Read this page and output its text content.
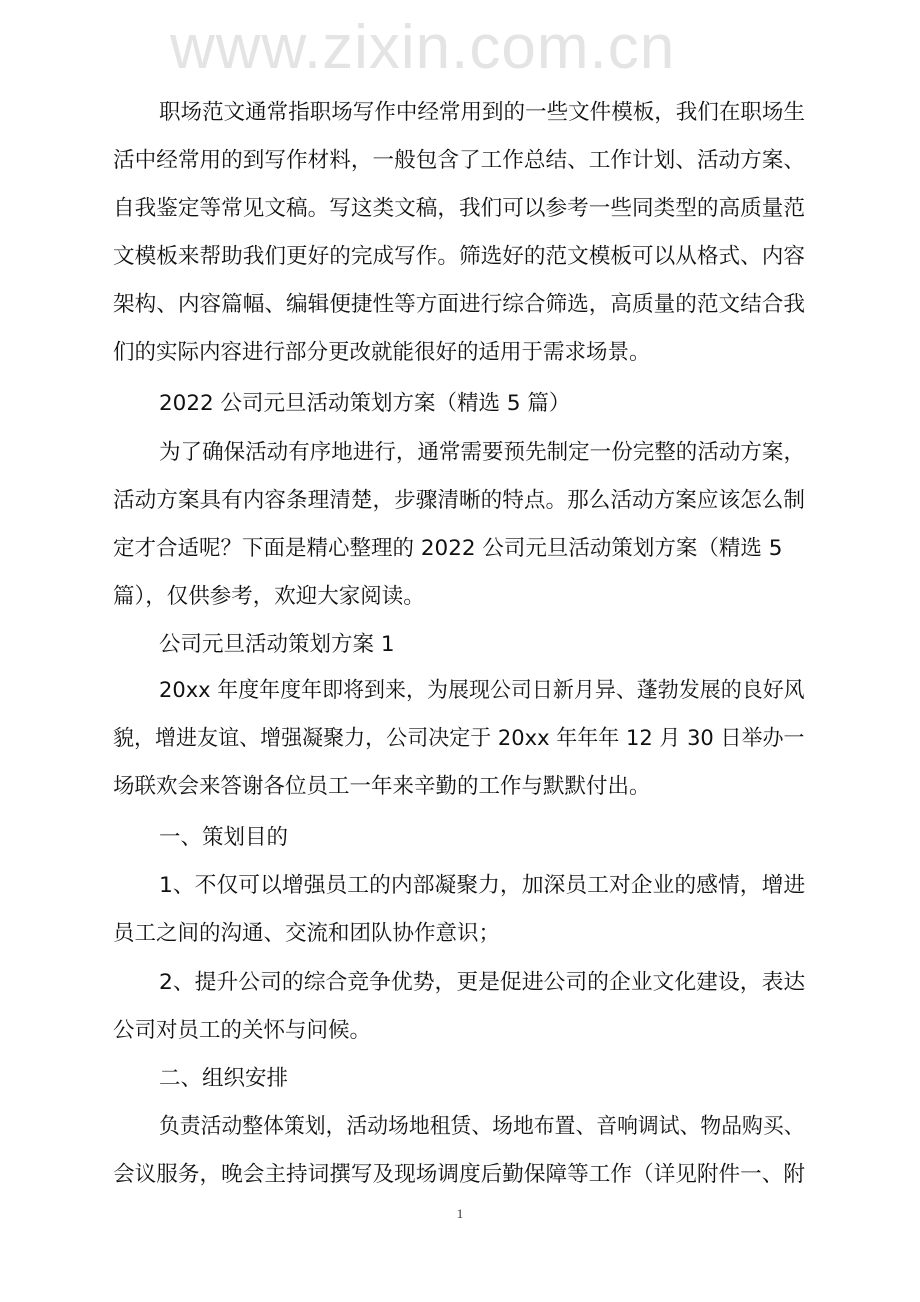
www.zixin.com.cn
职场范文通常指职场写作中经常用到的一些文件模板，我们在职场生
活中经常用的到写作材料，一般包含了工作总结、工作计划、活动方案、
自我鉴定等常见文稿。写这类文稿，我们可以参考一些同类型的高质量范
文模板来帮助我们更好的完成写作。筛选好的范文模板可以从格式、内容
架构、内容篇幅、编辑便捷性等方面进行综合筛选，高质量的范文结合我
们的实际内容进行部分更改就能很好的适用于需求场景。
2022 公司元旦活动策划方案（精选 5 篇）
为了确保活动有序地进行，通常需要预先制定一份完整的活动方案，
活动方案具有内容条理清楚，步骤清晰的特点。那么活动方案应该怎么制
定才合适呢？下面是精心整理的 2022 公司元旦活动策划方案（精选 5
篇），仅供参考，欢迎大家阅读。
公司元旦活动策划方案 1
20xx 年度年度年即将到来，为展现公司日新月异、蓬勃发展的良好风
貌，增进友谊、增强凝聚力，公司决定于 20xx 年年年 12 月 30 日举办一
场联欢会来答谢各位员工一年来辛勤的工作与默默付出。
一、策划目的
1、不仅可以增强员工的内部凝聚力，加深员工对企业的感情，增进
员工之间的沟通、交流和团队协作意识；
2、提升公司的综合竞争优势，更是促进公司的企业文化建设，表达
公司对员工的关怀与问候。
二、组织安排
负责活动整体策划，活动场地租赁、场地布置、音响调试、物品购买、
会议服务，晚会主持词撰写及现场调度后勤保障等工作（详见附件一、附
1
